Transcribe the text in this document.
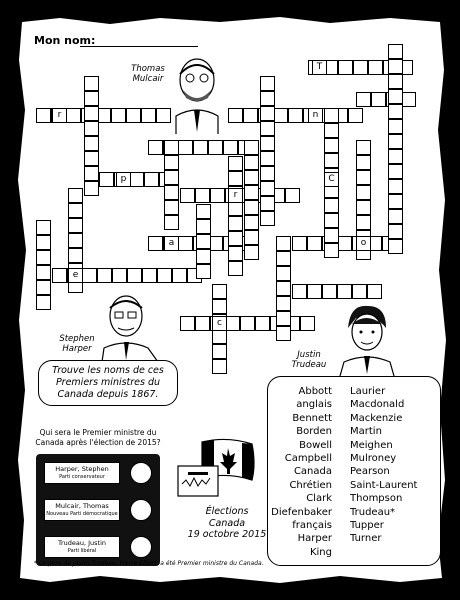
Mon nom:
Thomas
Mulcair
Stephen
Harper
Justin
Trudeau
T
r	n
p
r
C
a	o
e
c
Trouve les noms de ces
Premiers ministres du
Canada depuis 1867.	Abbott
anglais
Bennett
Borden
Bowell
Campbell
Canada
Chrétien
Clark
Diefenbaker
français
Harper
King
Laurier
Macdonald
Mackenzie
Martin
Meighen
Mulroney
Pearson
Saint-Laurent
Thompson
Trudeau*
Tupper
Turner
Qui sera le Premier ministre du Canada après l'élection de 2015?
Harper, Stephen
Parti conservateur
Mulcair, Thomas
Nouveau Parti démocratique
Trudeau, Justin
Parti libéral
Élections
Canada
19 octobre 2015
* Le père de Justin Trudeau, Pierre-Elliott, a été Premier ministre du Canada.
